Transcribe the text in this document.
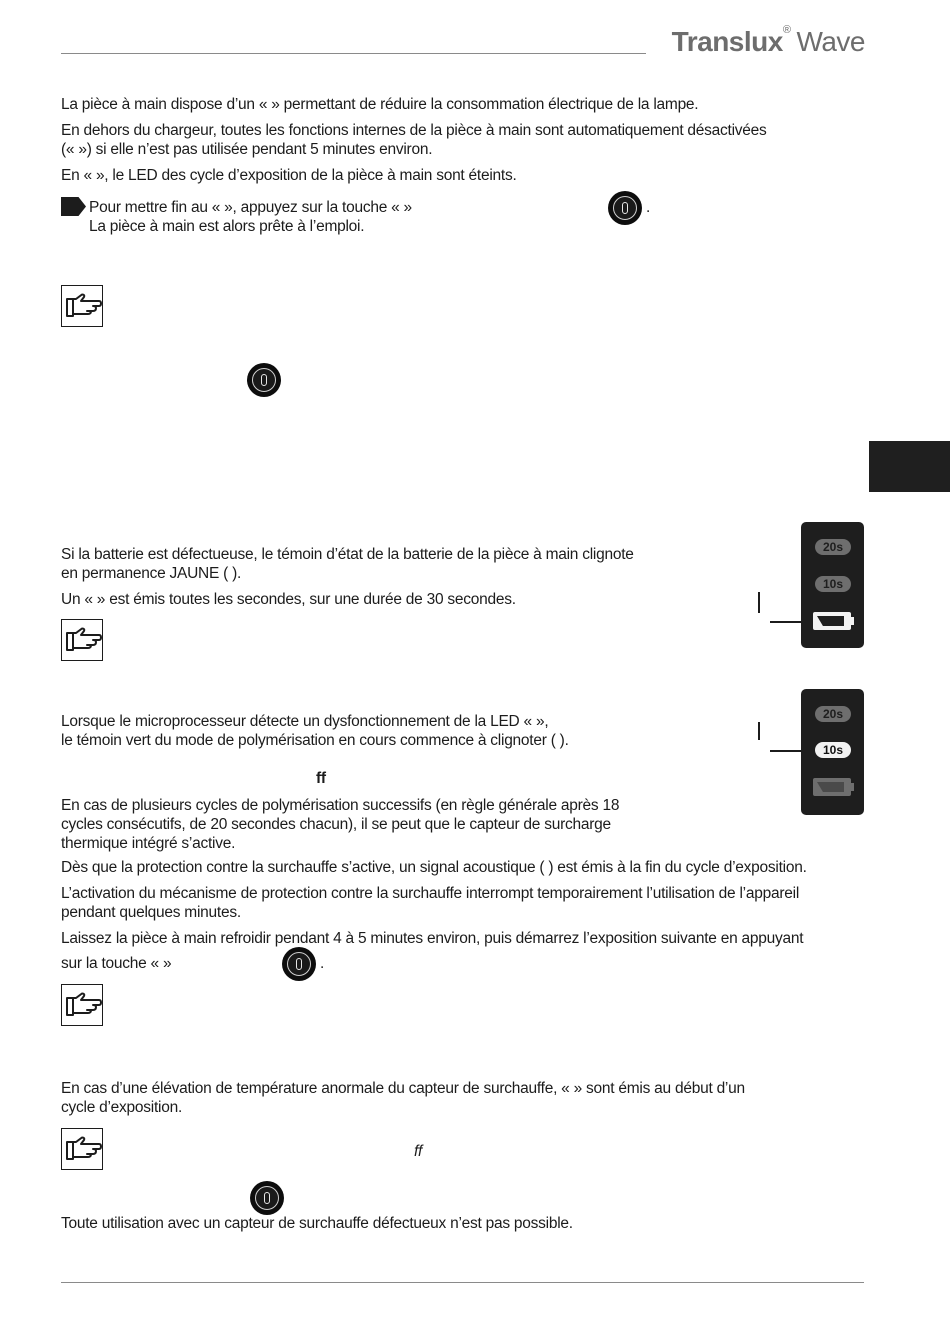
Translux® Wave
La pièce à main dispose d’un « » permettant de réduire la consommation électrique de la lampe.
En dehors du chargeur, toutes les fonctions internes de la pièce à main sont automatiquement désactivées
(« ») si elle n’est pas utilisée pendant 5 minutes environ.
En « », le LED des cycle d’exposition de la pièce à main sont éteints.
Pour mettre fin au « », appuyez sur la touche « »	.
La pièce à main est alors prête à l’emploi.
Si la batterie est défectueuse, le témoin d’état de la batterie de la pièce à main clignote
en permanence JAUNE ( ).
Un « » est émis toutes les secondes, sur une durée de 30 secondes.
20s
10s
Lorsque le microprocesseur détecte un dysfonctionnement de la LED « »,
le témoin vert du mode de polymérisation en cours commence à clignoter ( ).
20s
10s
ff
En cas de plusieurs cycles de polymérisation successifs (en règle générale après 18
cycles consécutifs, de 20 secondes chacun), il se peut que le capteur de surcharge
thermique intégré s’active.
Dès que la protection contre la surchauffe s’active, un signal acoustique ( ) est émis à la fin du cycle d’exposition.
L’activation du mécanisme de protection contre la surchauffe interrompt temporairement l’utilisation de l’appareil
pendant quelques minutes.
Laissez la pièce à main refroidir pendant 4 à 5 minutes environ, puis démarrez l’exposition suivante en appuyant
sur la touche « »	.
En cas d’une élévation de température anormale du capteur de surchauffe, « » sont émis au début d’un
cycle d’exposition.
ff
Toute utilisation avec un capteur de surchauffe défectueux n’est pas possible.
